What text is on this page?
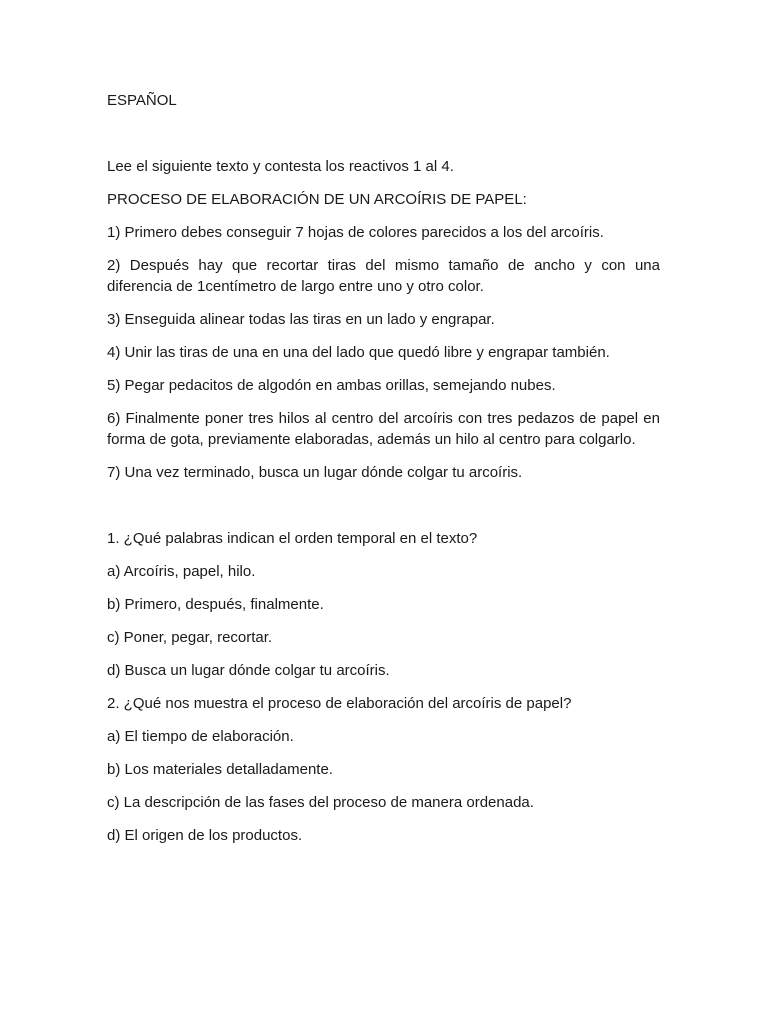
ESPAÑOL

Lee el siguiente texto y contesta los reactivos 1 al 4.

PROCESO DE ELABORACIÓN DE UN ARCOÍRIS DE PAPEL:

1) Primero debes conseguir 7 hojas de colores parecidos a los del arcoíris.

2) Después hay que recortar tiras del mismo tamaño de ancho y con una diferencia de 1centímetro de largo entre uno y otro color.

3) Enseguida alinear todas las tiras en un lado y engrapar.

4) Unir las tiras de una en una del lado que quedó libre y engrapar también.

5) Pegar pedacitos de algodón en ambas orillas, semejando nubes.

6) Finalmente poner tres hilos al centro del arcoíris con tres pedazos de papel en forma de gota, previamente elaboradas, además un hilo al centro para colgarlo.

7) Una vez terminado, busca un lugar dónde colgar tu arcoíris.

1. ¿Qué palabras indican el orden temporal en el texto?

a) Arcoíris, papel, hilo.

b) Primero, después, finalmente.

c) Poner, pegar, recortar.

d) Busca un lugar dónde colgar tu arcoíris.

2. ¿Qué nos muestra el proceso de elaboración del arcoíris de papel?

a) El tiempo de elaboración.

b) Los materiales detalladamente.

c) La descripción de las fases del proceso de manera ordenada.

d) El origen de los productos.
